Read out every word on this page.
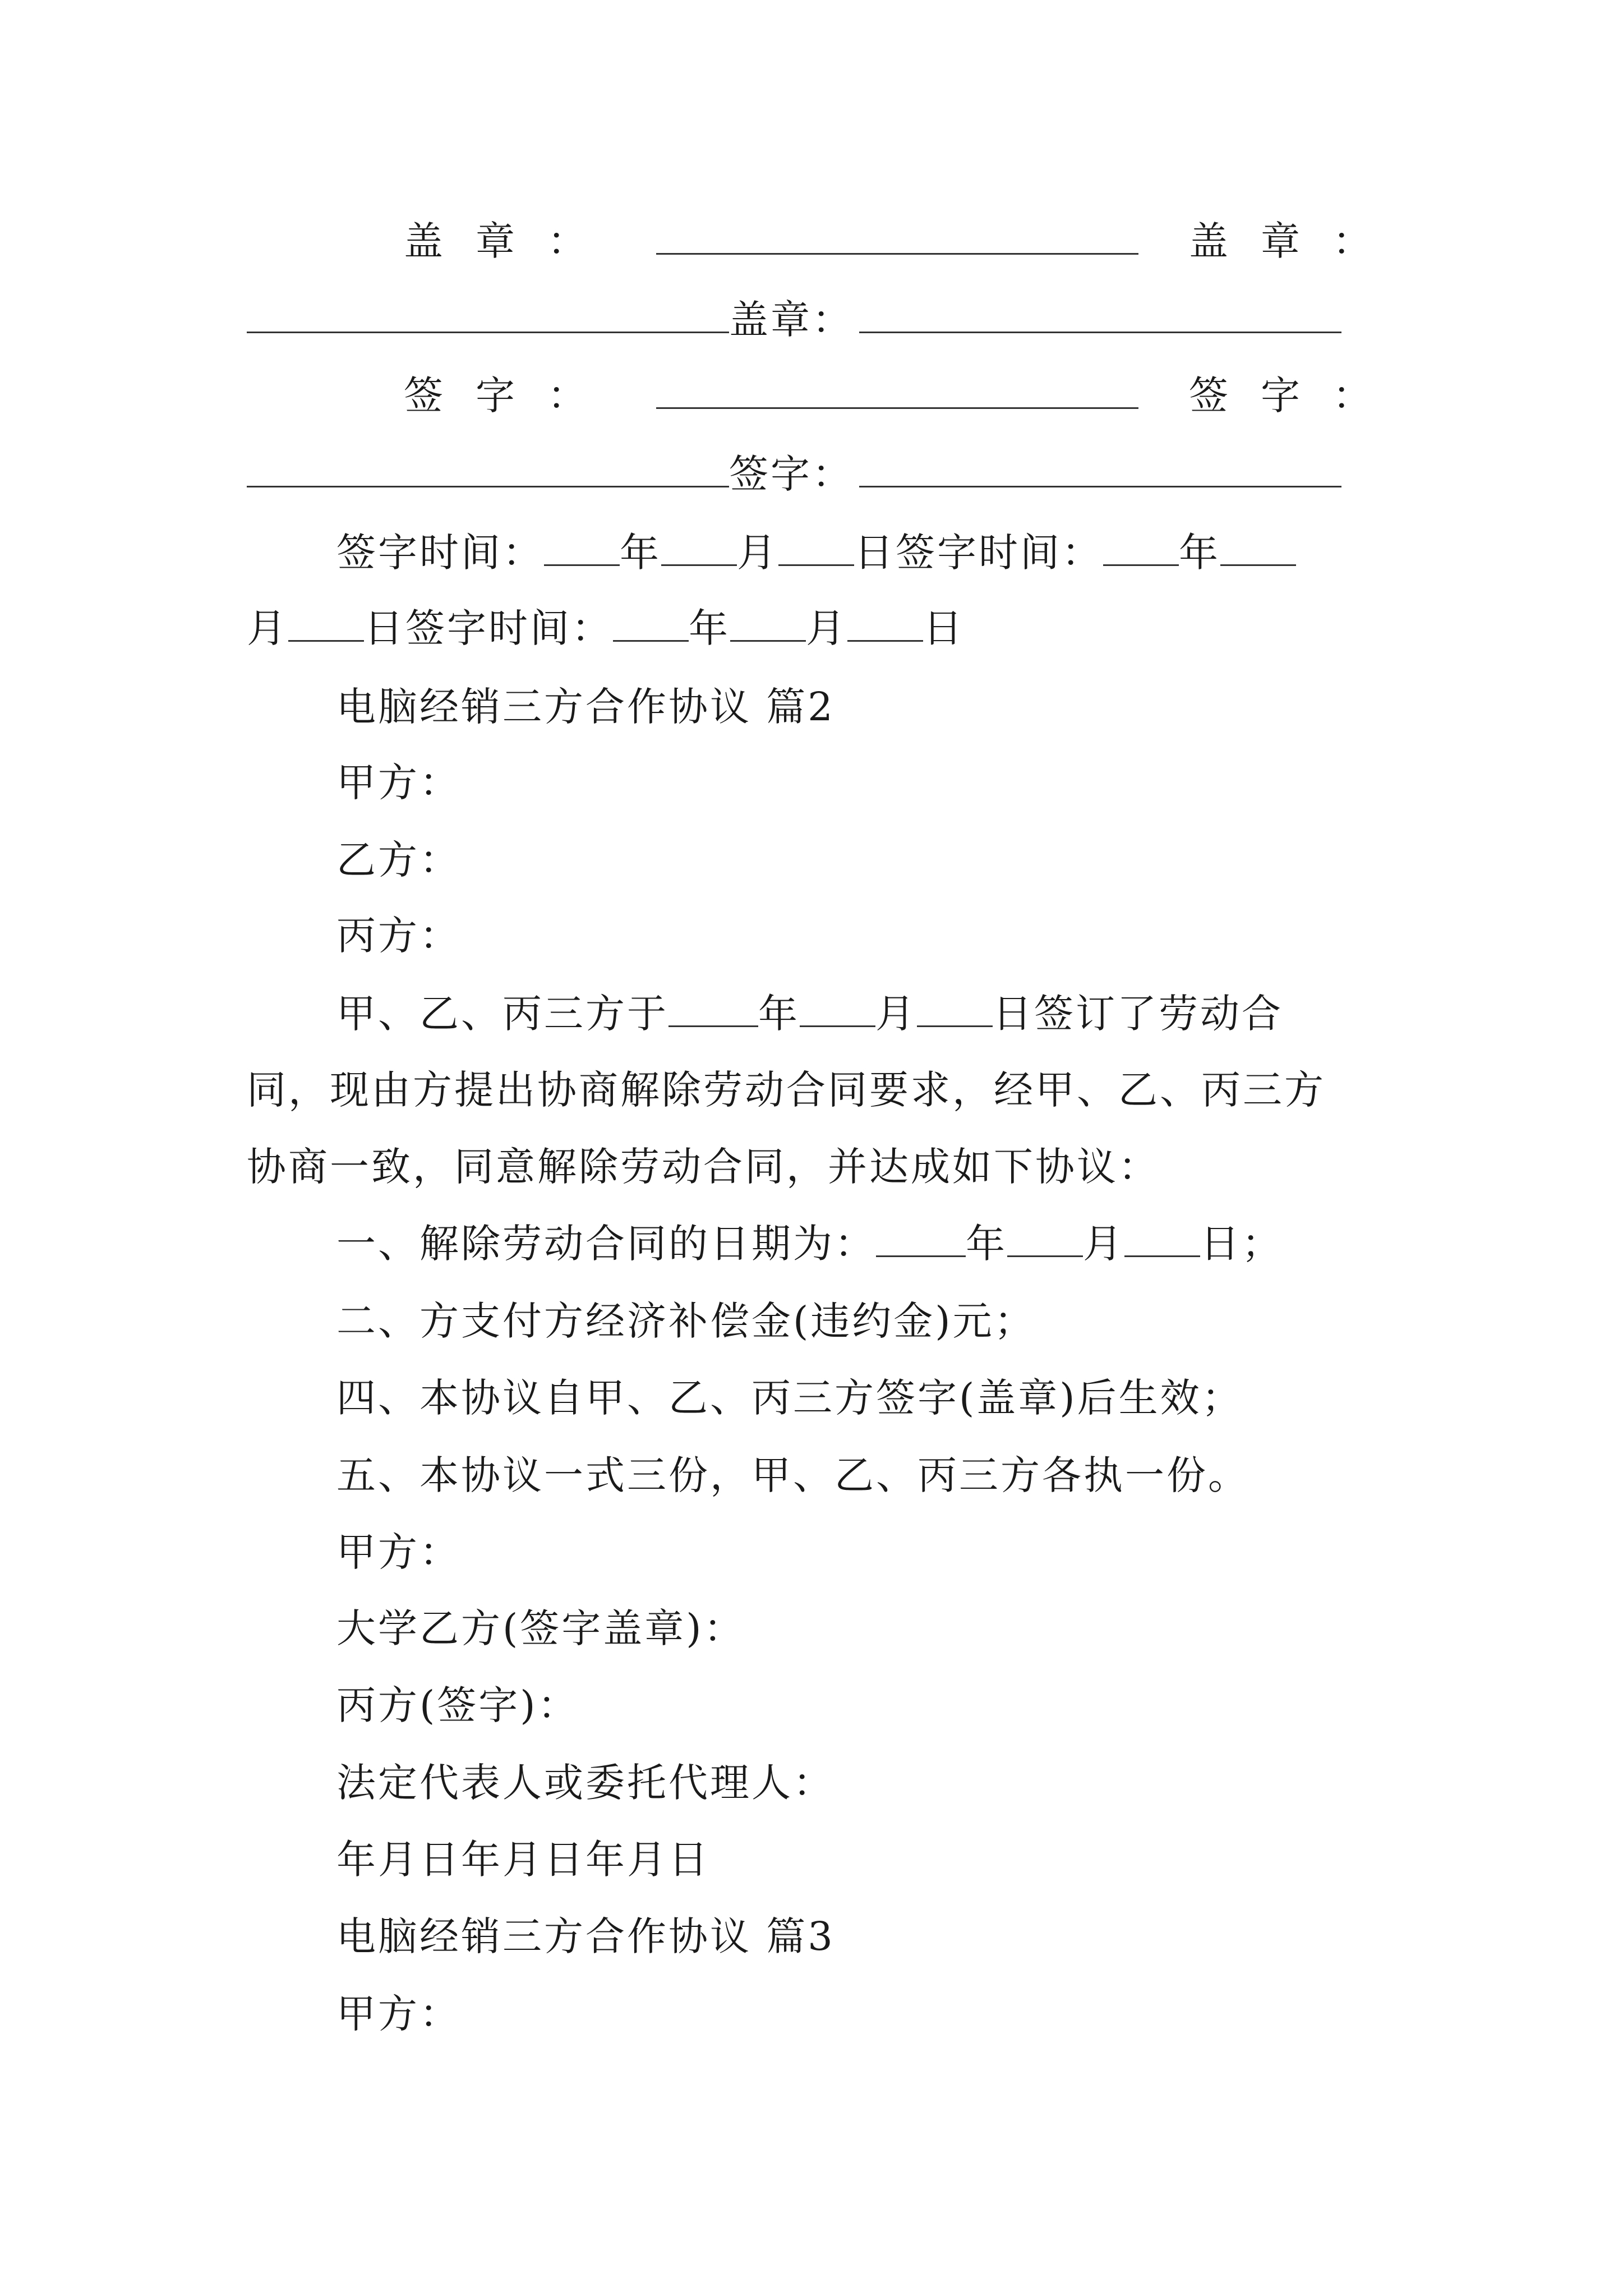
盖章：	盖章：
盖章：
签字：	签字：
签字：
签字时间： 年 月 日签字时间： 年
月 日签字时间： 年 月 日
电脑经销三方合作协议 篇2
甲方：
乙方：
丙方：
甲、乙、丙三方于 年 月 日签订了劳动合
同，现由方提出协商解除劳动合同要求，经甲、乙、丙三方
协商一致，同意解除劳动合同，并达成如下协议：
一、解除劳动合同的日期为： 年 月 日；
二、方支付方经济补偿金(违约金)元；
四、本协议自甲、乙、丙三方签字(盖章)后生效；
五、本协议一式三份，甲、乙、丙三方各执一份。
甲方：
大学乙方(签字盖章)：
丙方(签字)：
法定代表人或委托代理人：
年月日年月日年月日
电脑经销三方合作协议 篇3
甲方：
